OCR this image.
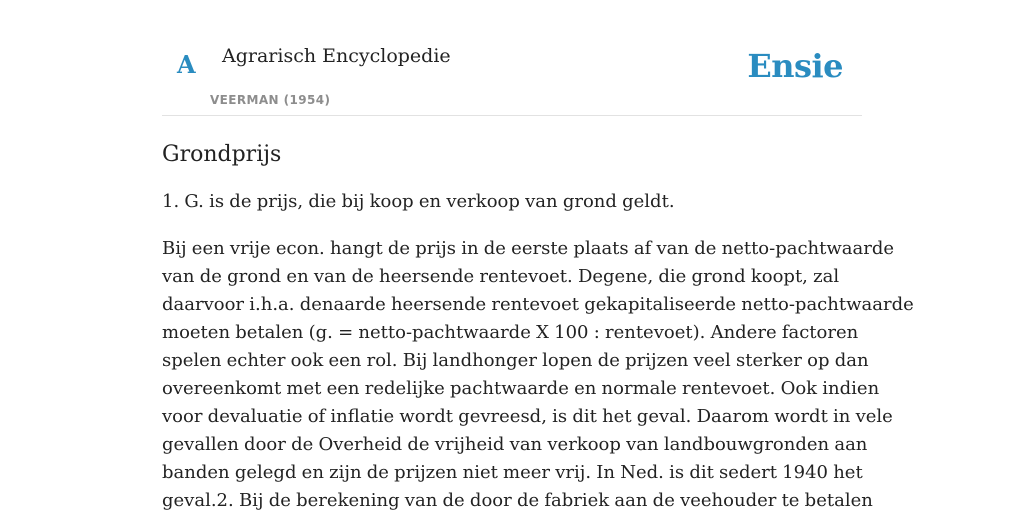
A Agrarisch Encyclopedie
VEERMAN (1954)
Ensie
Grondprijs

1. G. is de prijs, die bij koop en verkoop van grond geldt.

Bij een vrije econ. hangt de prijs in de eerste plaats af van de netto-pachtwaarde
van de grond en van de heersende rentevoet. Degene, die grond koopt, zal
daarvoor i.h.a. denaarde heersende rentevoet gekapitaliseerde netto-pachtwaarde
moeten betalen (g. = netto-pachtwaarde X 100 : rentevoet). Andere factoren
spelen echter ook een rol. Bij landhonger lopen de prijzen veel sterker op dan
overeenkomt met een redelijke pachtwaarde en normale rentevoet. Ook indien
voor devaluatie of inflatie wordt gevreesd, is dit het geval. Daarom wordt in vele
gevallen door de Overheid de vrijheid van verkoop van landbouwgronden aan
banden gelegd en zijn de prijzen niet meer vrij. In Ned. is dit sedert 1940 het
geval.2. Bij de berekening van de door de fabriek aan de veehouder te betalen
